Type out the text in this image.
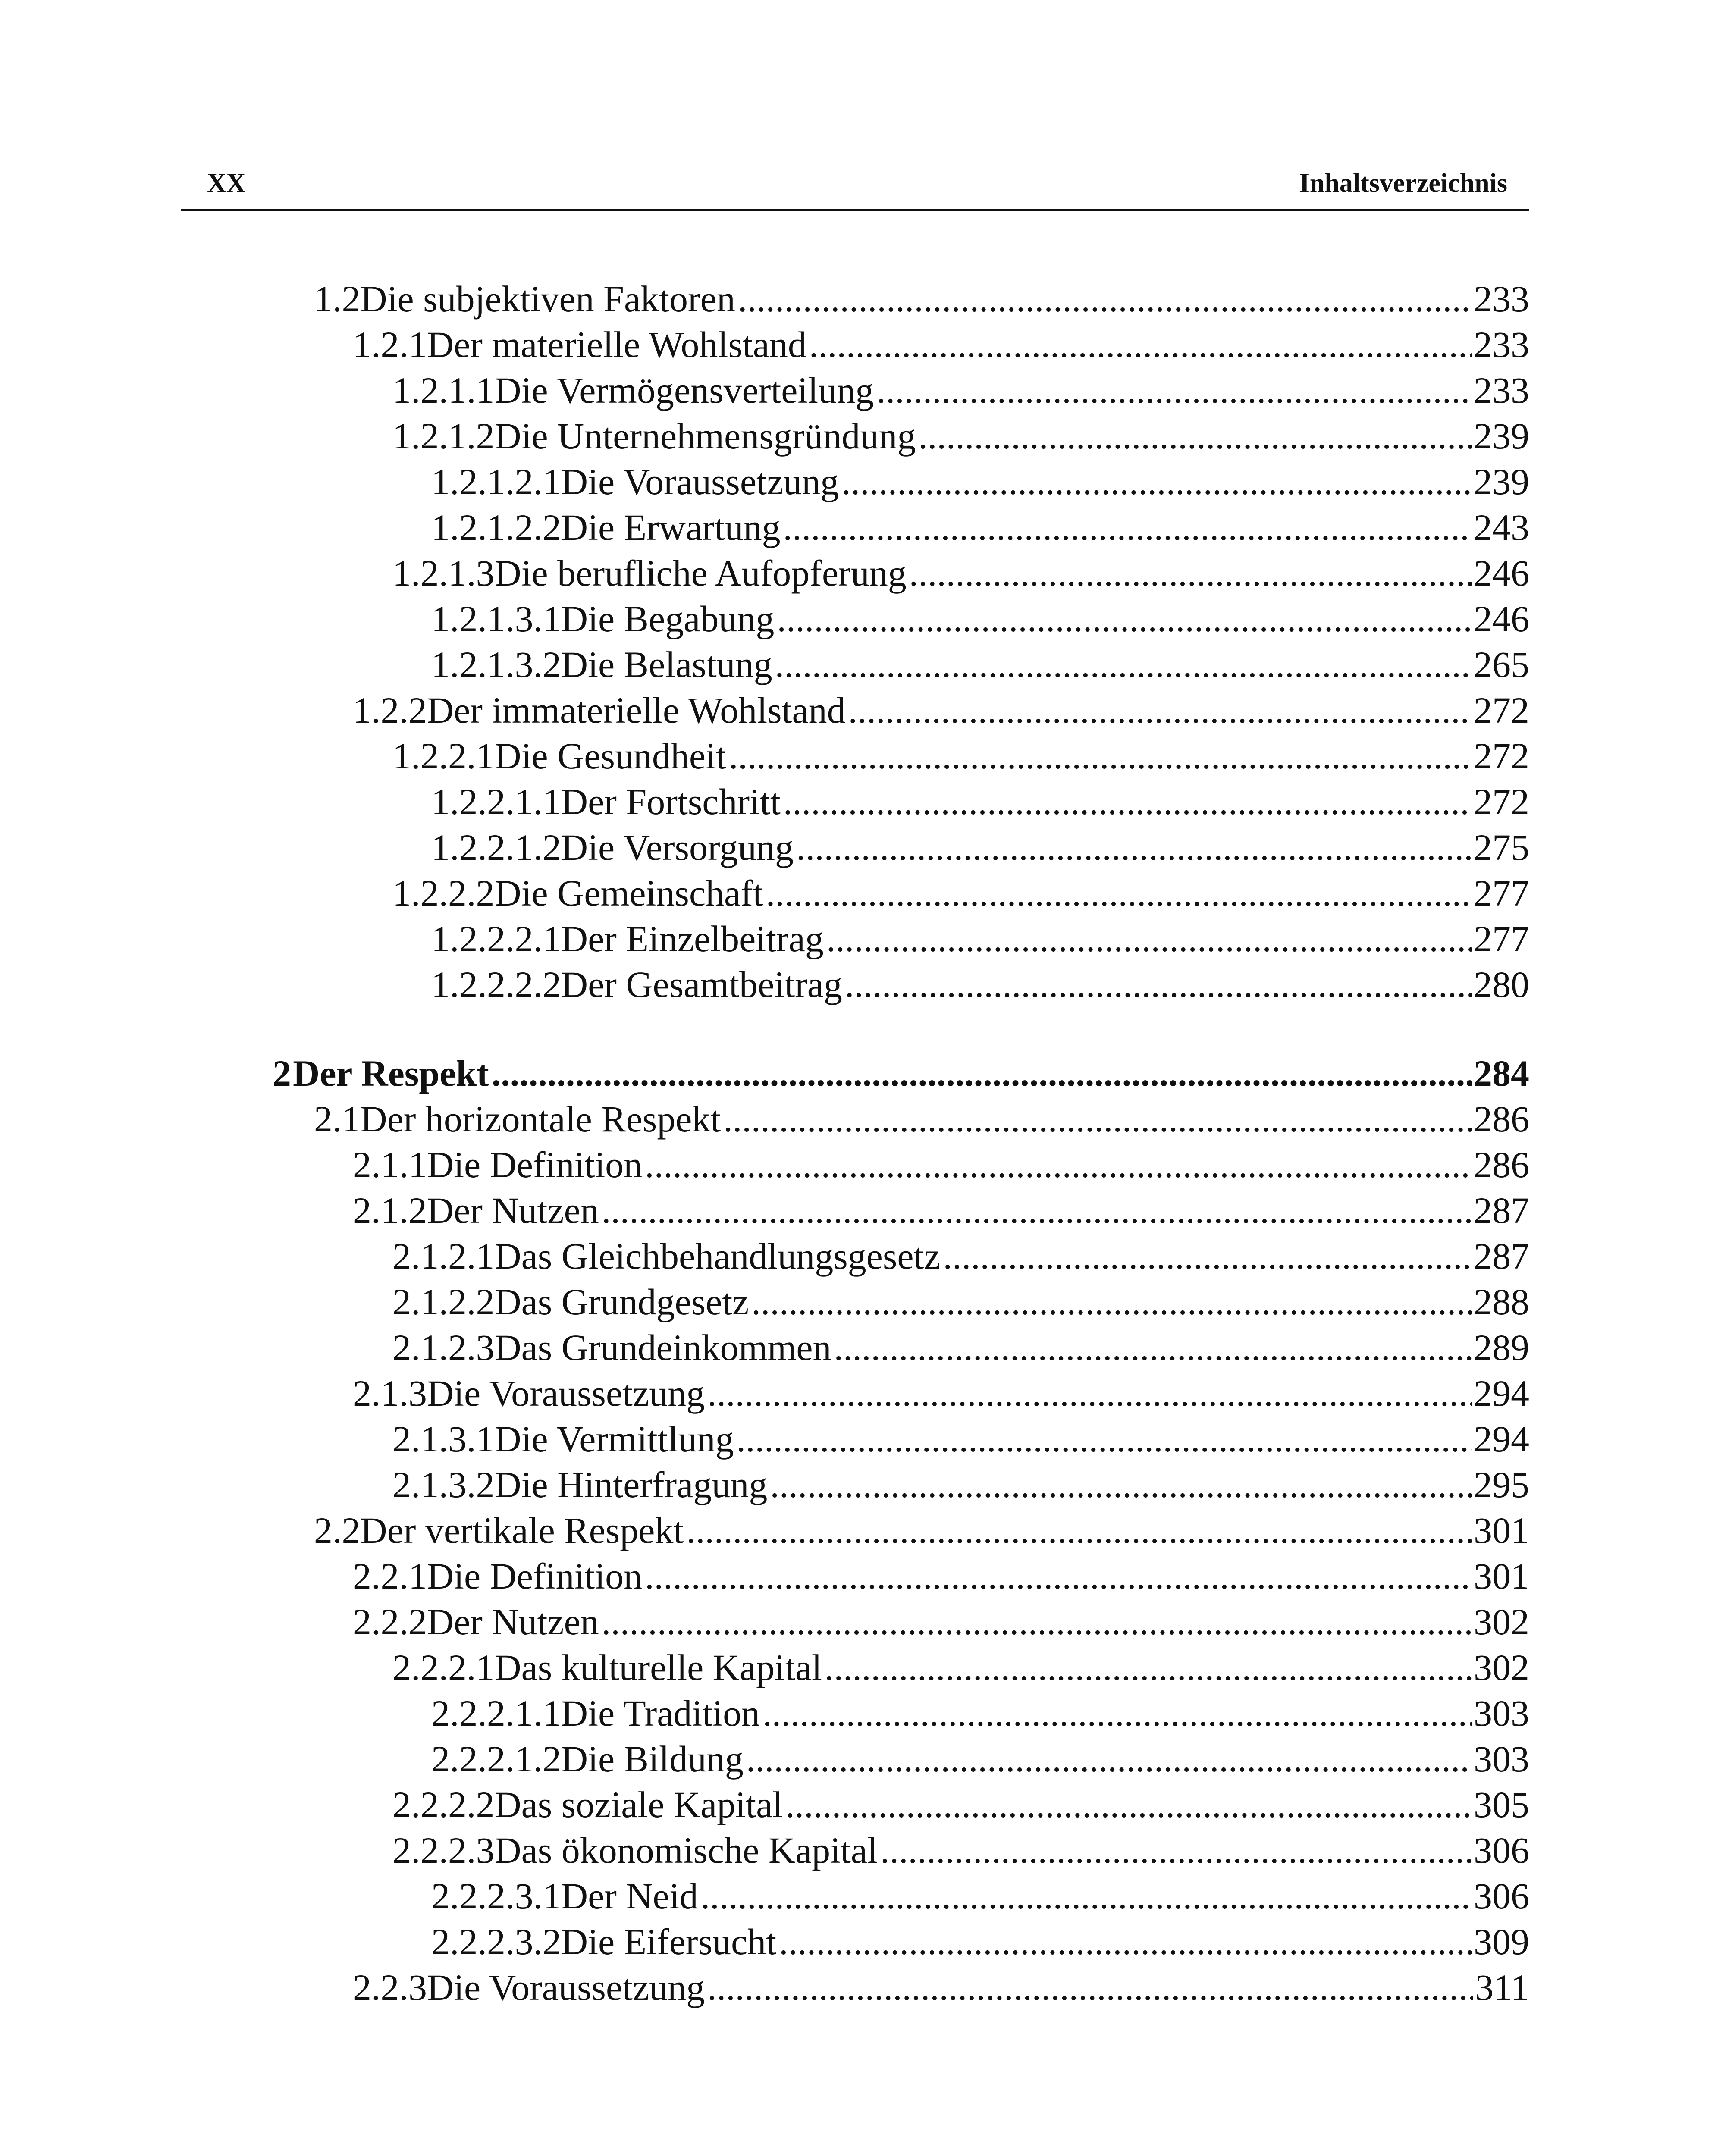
XX	Inhaltsverzeichnis
1.2 Die subjektiven Faktoren .....	233
1.2.1 Der materielle Wohlstand .....	233
1.2.1.1 Die Vermögensverteilung .....	233
1.2.1.2 Die Unternehmensgründung .....	239
1.2.1.2.1 Die Voraussetzung .....	239
1.2.1.2.2 Die Erwartung .....	243
1.2.1.3 Die berufliche Aufopferung .....	246
1.2.1.3.1 Die Begabung .....	246
1.2.1.3.2 Die Belastung .....	265
1.2.2 Der immaterielle Wohlstand .....	272
1.2.2.1 Die Gesundheit .....	272
1.2.2.1.1 Der Fortschritt .....	272
1.2.2.1.2 Die Versorgung .....	275
1.2.2.2 Die Gemeinschaft .....	277
1.2.2.2.1 Der Einzelbeitrag .....	277
1.2.2.2.2 Der Gesamtbeitrag .....	280
2 Der Respekt .....	284
2.1 Der horizontale Respekt .....	286
2.1.1 Die Definition .....	286
2.1.2 Der Nutzen .....	287
2.1.2.1 Das Gleichbehandlungsgesetz .....	287
2.1.2.2 Das Grundgesetz .....	288
2.1.2.3 Das Grundeinkommen .....	289
2.1.3 Die Voraussetzung .....	294
2.1.3.1 Die Vermittlung .....	294
2.1.3.2 Die Hinterfragung .....	295
2.2 Der vertikale Respekt .....	301
2.2.1 Die Definition .....	301
2.2.2 Der Nutzen .....	302
2.2.2.1 Das kulturelle Kapital .....	302
2.2.2.1.1 Die Tradition .....	303
2.2.2.1.2 Die Bildung .....	303
2.2.2.2 Das soziale Kapital .....	305
2.2.2.3 Das ökonomische Kapital .....	306
2.2.2.3.1 Der Neid .....	306
2.2.2.3.2 Die Eifersucht .....	309
2.2.3 Die Voraussetzung .....	311
